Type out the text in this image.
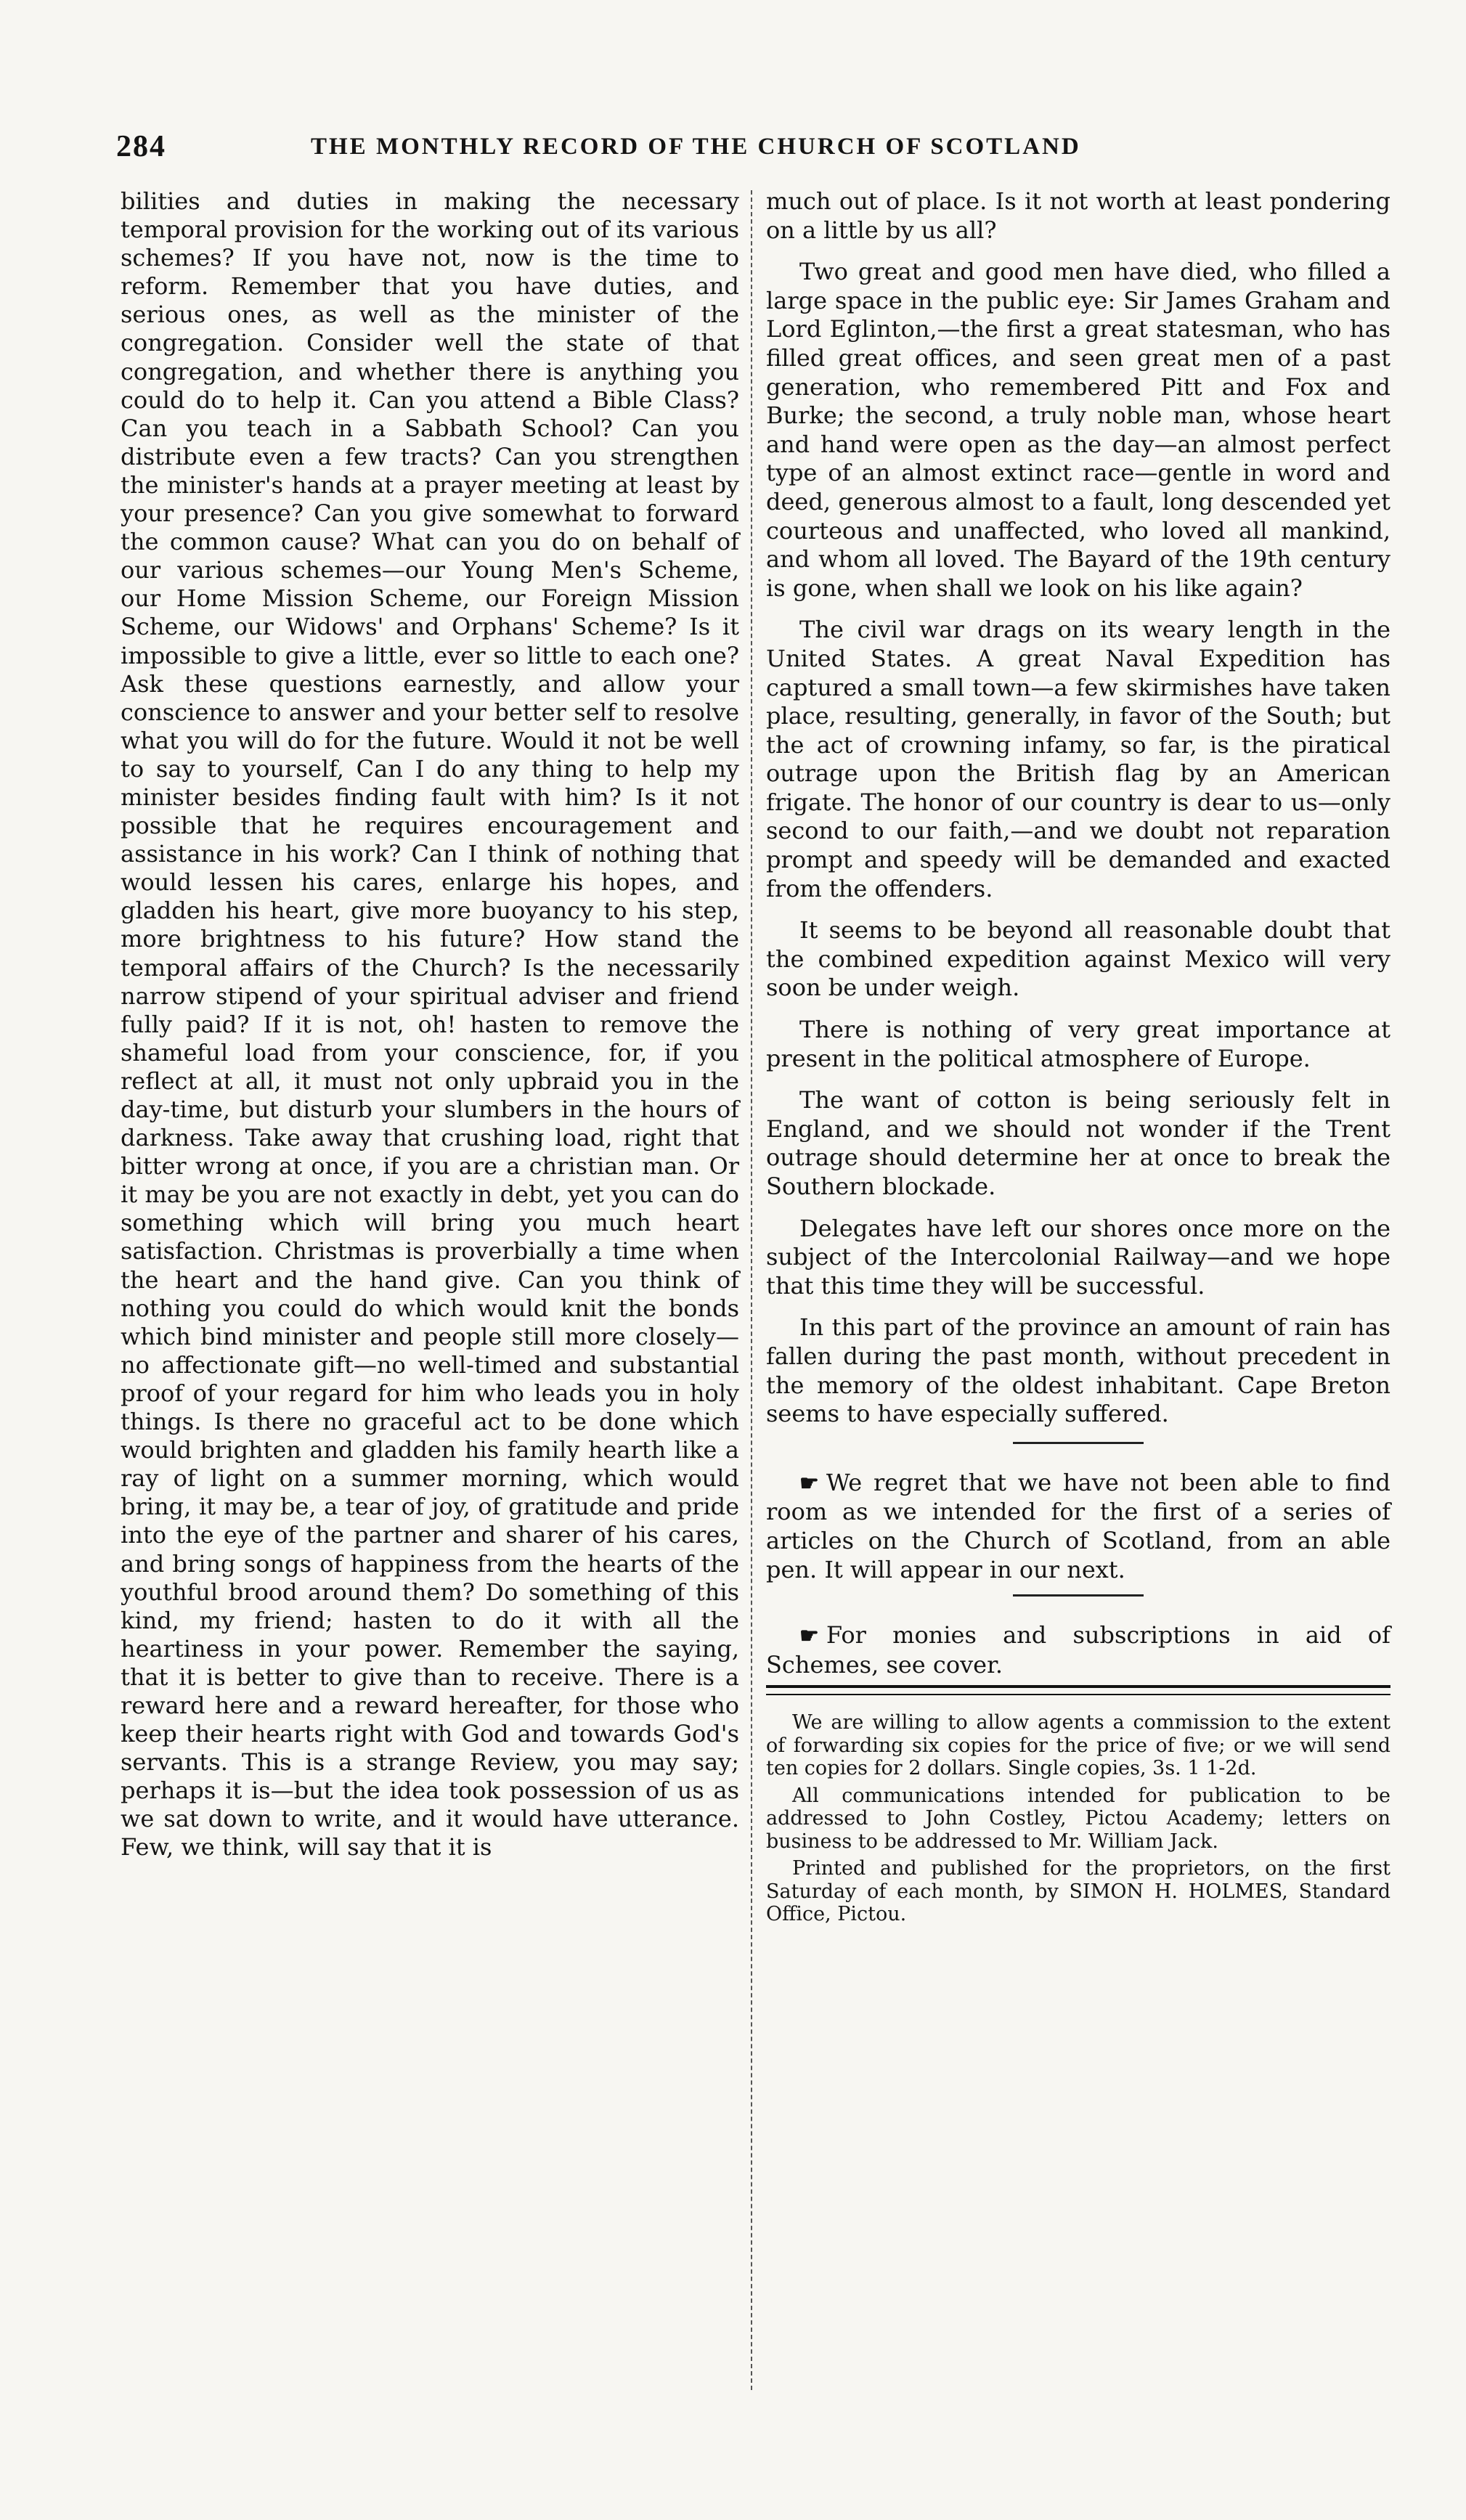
284	THE MONTHLY RECORD OF THE CHURCH OF SCOTLAND

bilities and duties in making the necessary temporal provision for the working out of its various schemes? If you have not, now is the time to reform. Remember that you have duties, and serious ones, as well as the minister of the congregation. Consider well the state of that congregation, and whether there is anything you could do to help it. Can you attend a Bible Class? Can you teach in a Sabbath School? Can you distribute even a few tracts? Can you strengthen the minister's hands at a prayer meeting at least by your presence? Can you give somewhat to forward the common cause? What can you do on behalf of our various schemes—our Young Men's Scheme, our Home Mission Scheme, our Foreign Mission Scheme, our Widows' and Orphans' Scheme? Is it impossible to give a little, ever so little to each one? Ask these questions earnestly, and allow your conscience to answer and your better self to resolve what you will do for the future. Would it not be well to say to yourself, Can I do any thing to help my minister besides finding fault with him? Is it not possible that he requires encouragement and assistance in his work? Can I think of nothing that would lessen his cares, enlarge his hopes, and gladden his heart, give more buoyancy to his step, more brightness to his future? How stand the temporal affairs of the Church? Is the necessarily narrow stipend of your spiritual adviser and friend fully paid? If it is not, oh! hasten to remove the shameful load from your conscience, for, if you reflect at all, it must not only upbraid you in the day-time, but disturb your slumbers in the hours of darkness. Take away that crushing load, right that bitter wrong at once, if you are a christian man. Or it may be you are not exactly in debt, yet you can do something which will bring you much heart satisfaction. Christmas is proverbially a time when the heart and the hand give. Can you think of nothing you could do which would knit the bonds which bind minister and people still more closely—no affectionate gift—no well-timed and substantial proof of your regard for him who leads you in holy things. Is there no graceful act to be done which would brighten and gladden his family hearth like a ray of light on a summer morning, which would bring, it may be, a tear of joy, of gratitude and pride into the eye of the partner and sharer of his cares, and bring songs of happiness from the hearts of the youthful brood around them? Do something of this kind, my friend; hasten to do it with all the heartiness in your power. Remember the saying, that it is better to give than to receive. There is a reward here and a reward hereafter, for those who keep their hearts right with God and towards God's servants. This is a strange Review, you may say; perhaps it is—but the idea took possession of us as we sat down to write, and it would have utterance. Few, we think, will say that it is

much out of place. Is it not worth at least pondering on a little by us all?

Two great and good men have died, who filled a large space in the public eye: Sir James Graham and Lord Eglinton,—the first a great statesman, who has filled great offices, and seen great men of a past generation, who remembered Pitt and Fox and Burke; the second, a truly noble man, whose heart and hand were open as the day—an almost perfect type of an almost extinct race—gentle in word and deed, generous almost to a fault, long descended yet courteous and unaffected, who loved all mankind, and whom all loved. The Bayard of the 19th century is gone, when shall we look on his like again?

The civil war drags on its weary length in the United States. A great Naval Expedition has captured a small town—a few skirmishes have taken place, resulting, generally, in favor of the South; but the act of crowning infamy, so far, is the piratical outrage upon the British flag by an American frigate. The honor of our country is dear to us—only second to our faith,—and we doubt not reparation prompt and speedy will be demanded and exacted from the offenders.

It seems to be beyond all reasonable doubt that the combined expedition against Mexico will very soon be under weigh.

There is nothing of very great importance at present in the political atmosphere of Europe.

The want of cotton is being seriously felt in England, and we should not wonder if the Trent outrage should determine her at once to break the Southern blockade.

Delegates have left our shores once more on the subject of the Intercolonial Railway—and we hope that this time they will be successful.

In this part of the province an amount of rain has fallen during the past month, without precedent in the memory of the oldest inhabitant. Cape Breton seems to have especially suffered.

☛ We regret that we have not been able to find room as we intended for the first of a series of articles on the Church of Scotland, from an able pen. It will appear in our next.

☛ For monies and subscriptions in aid of Schemes, see cover.

We are willing to allow agents a commission to the extent of forwarding six copies for the price of five; or we will send ten copies for 2 dollars. Single copies, 3s. 1 1-2d.

All communications intended for publication to be addressed to John Costley, Pictou Academy; letters on business to be addressed to Mr. William Jack.

Printed and published for the proprietors, on the first Saturday of each month, by SIMON H. HOLMES, Standard Office, Pictou.
